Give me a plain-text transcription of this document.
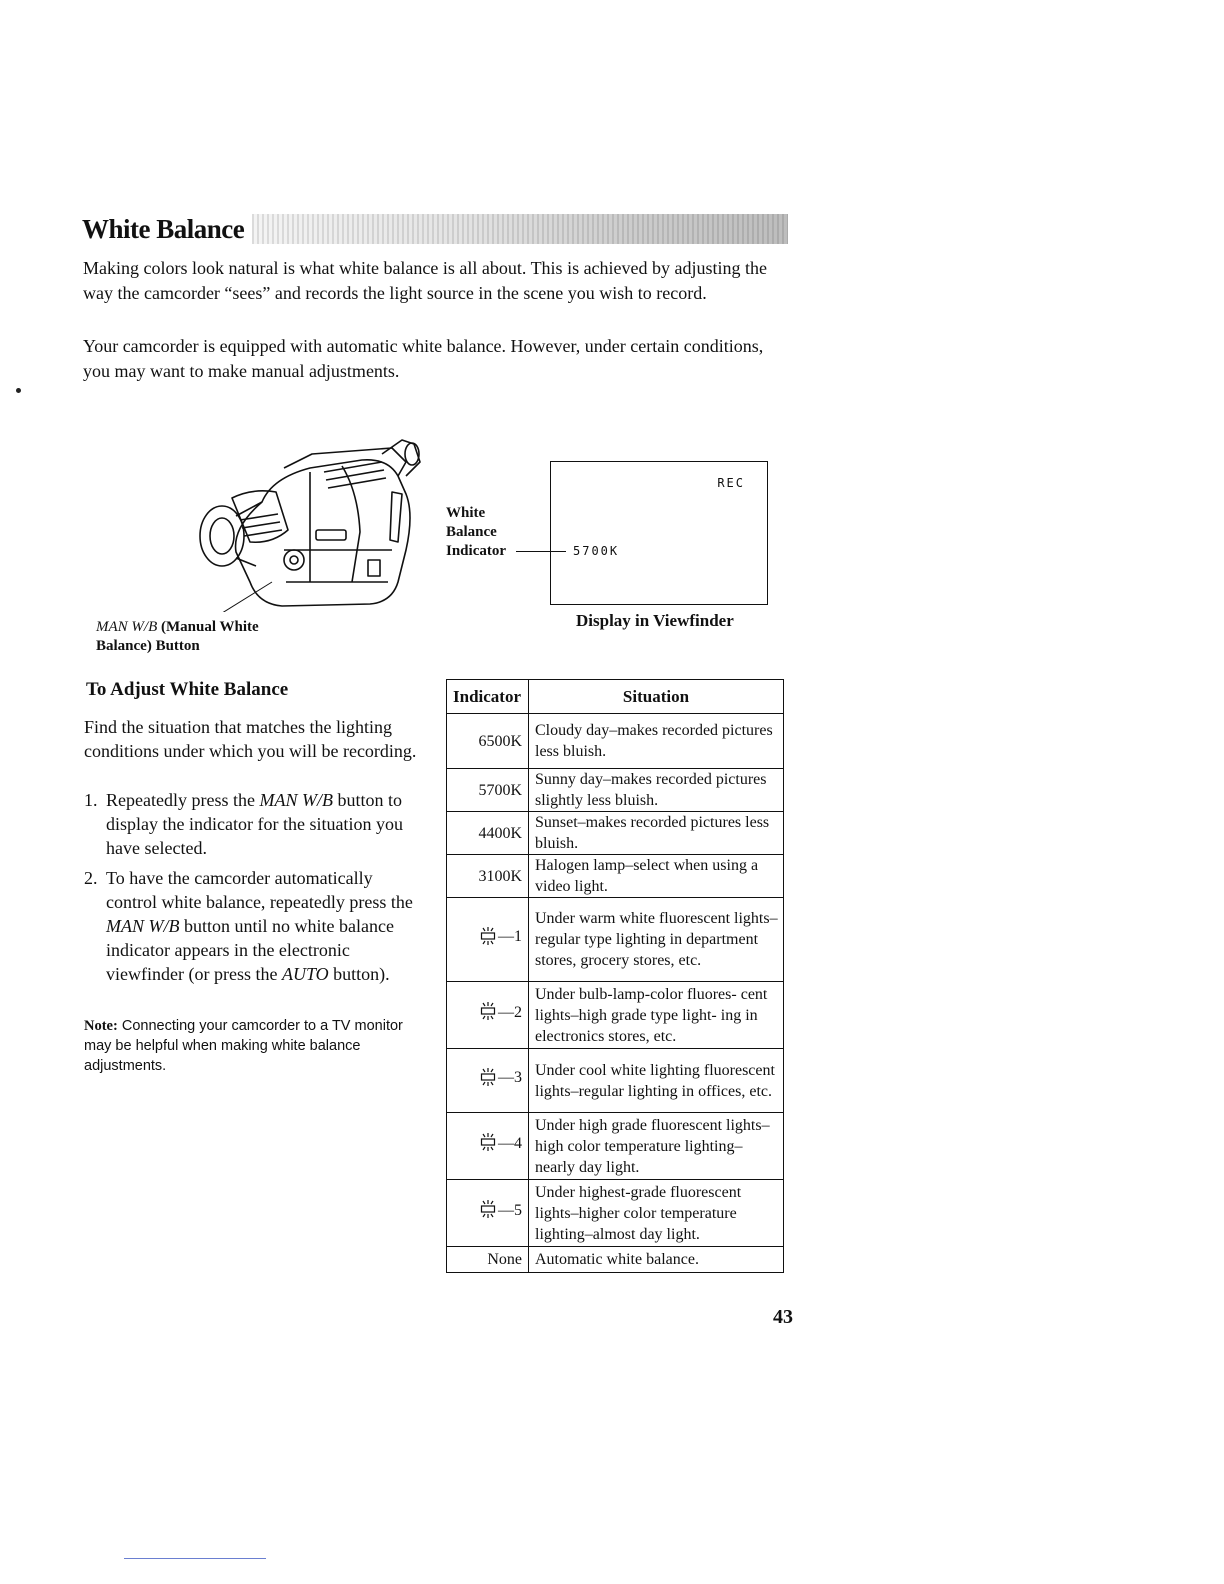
White Balance

Making colors look natural is what white balance is all about. This is achieved by adjusting the way the camcorder “sees” and records the light source in the scene you wish to record.

Your camcorder is equipped with automatic white balance. However, under certain conditions, you may want to make manual adjustments.

MAN W/B (Manual White
Balance) Button
White
Balance
Indicator
REC
5700K
Display in Viewfinder
To Adjust White Balance
Find the situation that matches the lighting conditions under which you will be recording.
1. Repeatedly press the MAN W/B button to display the indicator for the situation you have selected.
2. To have the camcorder automatically control white balance, repeatedly press the MAN W/B button until no white balance indicator appears in the electronic viewfinder (or press the AUTO button).
Note: Connecting your camcorder to a TV monitor may be helpful when making white balance adjustments.
Indicator	Situation
6500K	Cloudy day–makes recorded pictures less bluish.
5700K	Sunny day–makes recorded pictures slightly less bluish.
4400K	Sunset–makes recorded pictures less bluish.
3100K	Halogen lamp–select when using a video light.

—1	Under warm white fluorescent lights–regular type lighting in department stores, grocery stores, etc.

—2	Under bulb-lamp-color fluores- cent lights–high grade type light- ing in electronics stores, etc.

—3	Under cool white lighting fluorescent lights–regular lighting in offices, etc.

—4	Under high grade fluorescent lights–high color temperature lighting–nearly day light.

—5	Under highest-grade fluorescent lights–higher color temperature lighting–almost day light.
None	Automatic white balance.
43
